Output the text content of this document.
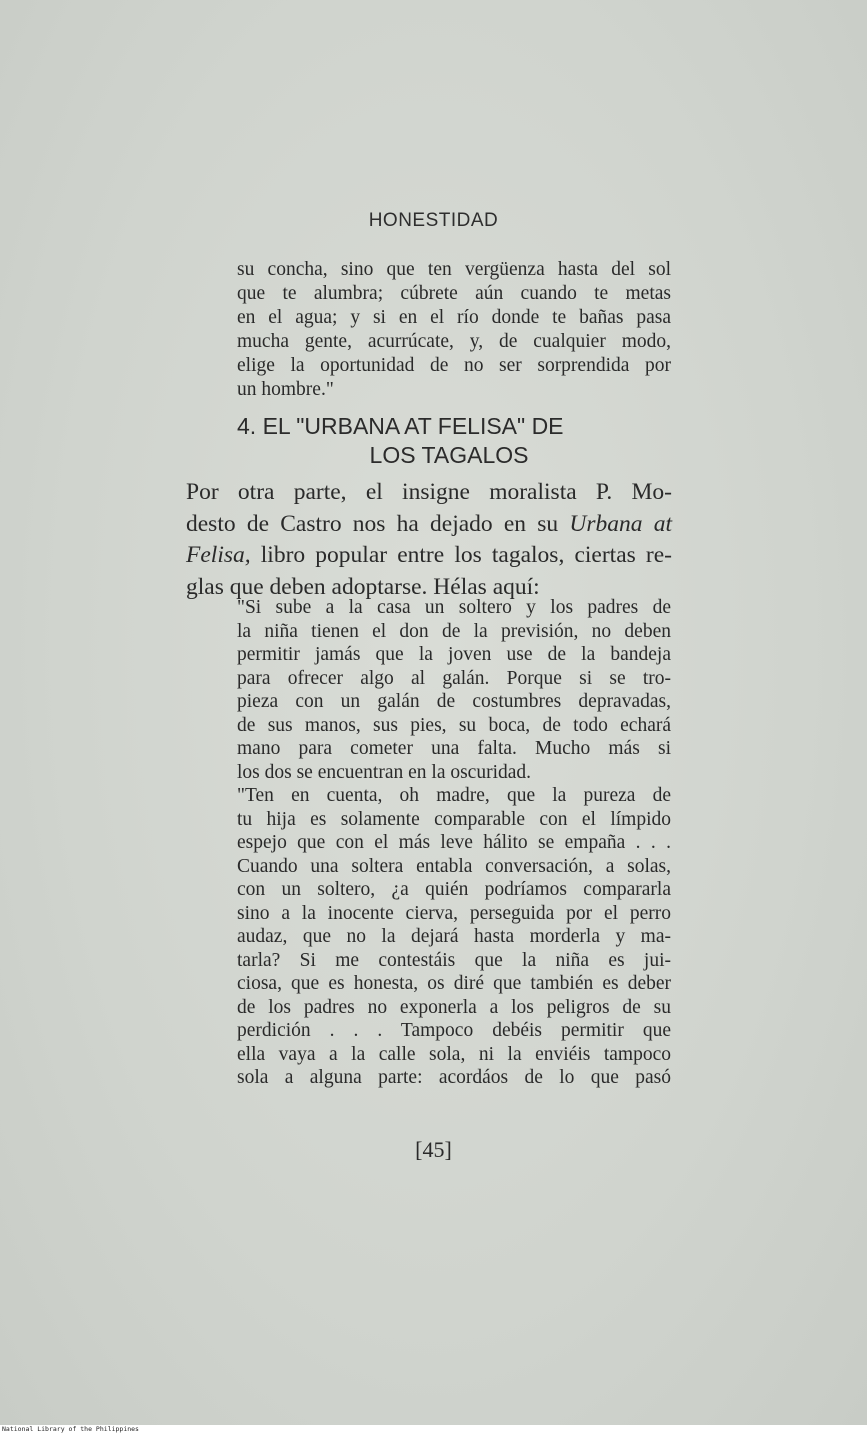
HONESTIDAD
su concha, sino que ten vergüenza hasta del sol
que te alumbra; cúbrete aún cuando te metas
en el agua; y si en el río donde te bañas pasa
mucha gente, acurrúcate, y, de cualquier modo,
elige la oportunidad de no ser sorprendida por
un hombre."
4. EL "URBANA AT FELISA" DE
LOS TAGALOS
Por otra parte, el insigne moralista P. Mo-
desto de Castro nos ha dejado en su Urbana at
Felisa, libro popular entre los tagalos, ciertas re-
glas que deben adoptarse. Hélas aquí:
"Si sube a la casa un soltero y los padres de
la niña tienen el don de la previsión, no deben
permitir jamás que la joven use de la bandeja
para ofrecer algo al galán. Porque si se tro-
pieza con un galán de costumbres depravadas,
de sus manos, sus pies, su boca, de todo echará
mano para cometer una falta. Mucho más si
los dos se encuentran en la oscuridad.
"Ten en cuenta, oh madre, que la pureza de
tu hija es solamente comparable con el límpido
espejo que con el más leve hálito se empaña . . .
Cuando una soltera entabla conversación, a solas,
con un soltero, ¿a quién podríamos compararla
sino a la inocente cierva, perseguida por el perro
audaz, que no la dejará hasta morderla y ma-
tarla? Si me contestáis que la niña es jui-
ciosa, que es honesta, os diré que también es deber
de los padres no exponerla a los peligros de su
perdición . . . Tampoco debéis permitir que
ella vaya a la calle sola, ni la enviéis tampoco
sola a alguna parte: acordáos de lo que pasó
[45]
National Library of the Philippines
